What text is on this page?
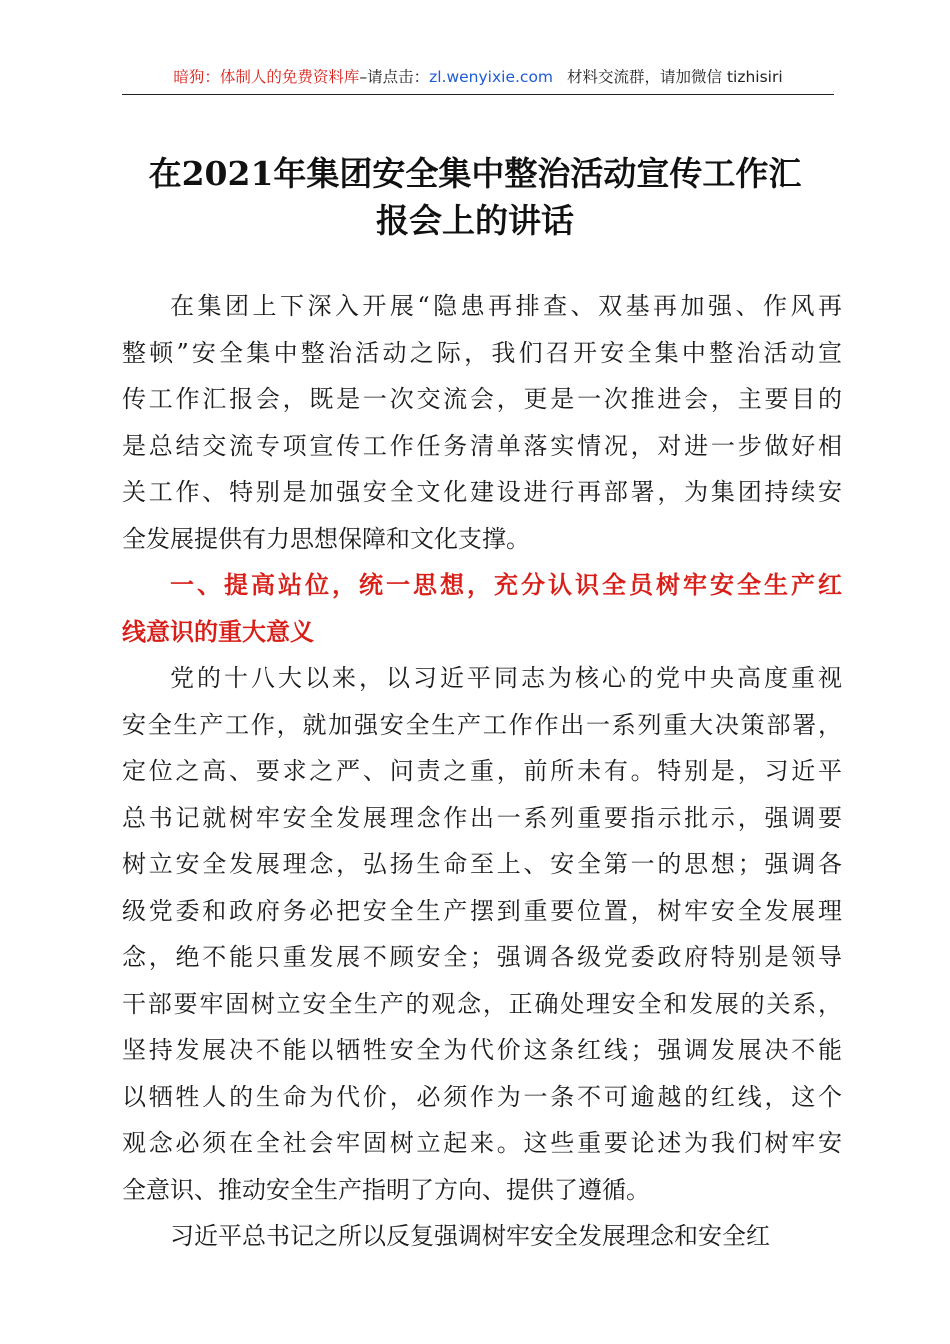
暗狗：体制人的免费资料库–请点击：zl.wenyixie.com 材料交流群，请加微信 tizhisiri
在2021年集团安全集中整治活动宣传工作汇
报会上的讲话

在集团上下深入开展“隐患再排查、双基再加强、作风再
整顿”安全集中整治活动之际，我们召开安全集中整治活动宣
传工作汇报会，既是一次交流会，更是一次推进会，主要目的
是总结交流专项宣传工作任务清单落实情况，对进一步做好相
关工作、特别是加强安全文化建设进行再部署，为集团持续安
全发展提供有力思想保障和文化支撑。

一、提高站位，统一思想，充分认识全员树牢安全生产红
线意识的重大意义

党的十八大以来，以习近平同志为核心的党中央高度重视
安全生产工作，就加强安全生产工作作出一系列重大决策部署，
定位之高、要求之严、问责之重，前所未有。特别是，习近平
总书记就树牢安全发展理念作出一系列重要指示批示，强调要
树立安全发展理念，弘扬生命至上、安全第一的思想；强调各
级党委和政府务必把安全生产摆到重要位置，树牢安全发展理
念，绝不能只重发展不顾安全；强调各级党委政府特别是领导
干部要牢固树立安全生产的观念，正确处理安全和发展的关系，
坚持发展决不能以牺牲安全为代价这条红线；强调发展决不能
以牺牲人的生命为代价，必须作为一条不可逾越的红线，这个
观念必须在全社会牢固树立起来。这些重要论述为我们树牢安
全意识、推动安全生产指明了方向、提供了遵循。

习近平总书记之所以反复强调树牢安全发展理念和安全红
